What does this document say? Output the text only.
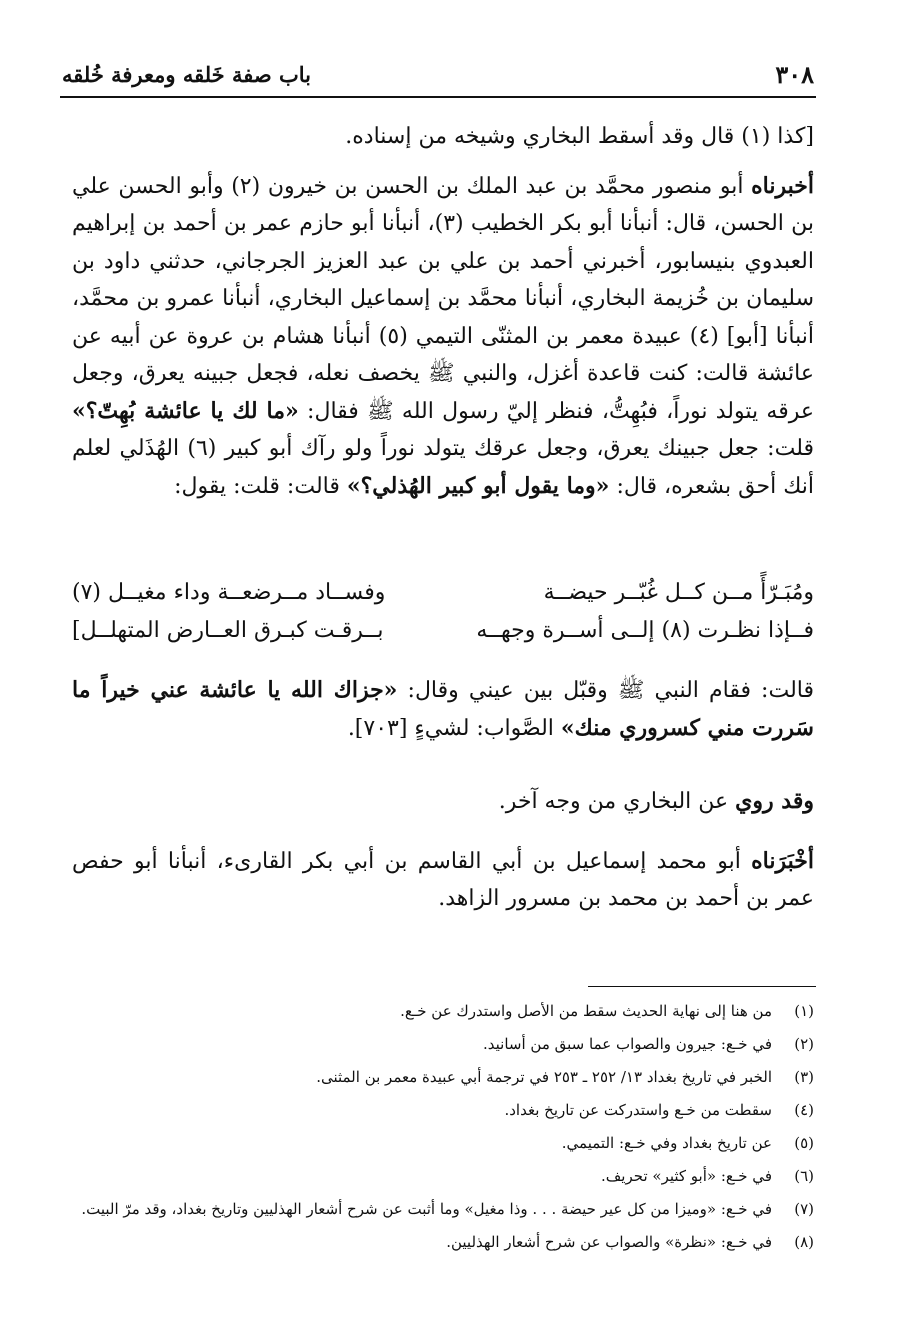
٣٠٨
باب صفة خَلقه ومعرفة خُلقه

[كذا (١) قال وقد أسقط البخاري وشيخه من إسناده.

أخبرناه أبو منصور محمَّد بن عبد الملك بن الحسن بن خيرون (٢) وأبو الحسن علي بن الحسن، قال: أنبأنا أبو بكر الخطيب (٣)، أنبأنا أبو حازم عمر بن أحمد بن إبراهيم العبدوي بنيسابور، أخبرني أحمد بن علي بن عبد العزيز الجرجاني، حدثني داود بن سليمان بن خُزيمة البخاري، أنبأنا محمَّد بن إسماعيل البخاري، أنبأنا عمرو بن محمَّد، أنبأنا [أبو] (٤) عبيدة معمر بن المثنّى التيمي (٥) أنبأنا هشام بن عروة عن أبيه عن عائشة قالت: كنت قاعدة أغزل، والنبي ﷺ يخصف نعله، فجعل جبينه يعرق، وجعل عرقه يتولد نوراً، فبُهِتُّ، فنظر إليّ رسول الله ﷺ فقال: «ما لك يا عائشة بُهِتّ؟» قلت: جعل جبينك يعرق، وجعل عرقك يتولد نوراً ولو رآك أبو كبير (٦) الهُذَلي لعلم أنك أحق بشعره، قال: «وما يقول أبو كبير الهُذلي؟» قالت: قلت: يقول:

ومُبَـرّأً مــن كــل غُبّــر حيضــة
وفســاد مــرضعــة وداء مغيــل (٧)
فــإذا نظـرت (٨) إلــى أســرة وجهــه
بــرقـت كبـرق العــارض المتهلــل]

قالت: فقام النبي ﷺ وقبّل بين عيني وقال: «جزاك الله يا عائشة عني خيراً ما سَررت مني كسروري منك» الصَّواب: لشيءٍ [٧٠٣].

وقد روي عن البخاري من وجه آخر.

أخْبَرَناه أبو محمد إسماعيل بن أبي القاسم بن أبي بكر القارىء، أنبأنا أبو حفص عمر بن أحمد بن محمد بن مسرور الزاهد.

(١)
من هنا إلى نهاية الحديث سقط من الأصل واستدرك عن خـع.
(٢)
في خـع: جيرون والصواب عما سبق من أسانيد.
(٣)
الخبر في تاريخ بغداد ١٣/ ٢٥٢ ـ ٢٥٣ في ترجمة أبي عبيدة معمر بن المثنى.
(٤)
سقطت من خـع واستدركت عن تاريخ بغداد.
(٥)
عن تاريخ بغداد وفي خـع: التميمي.
(٦)
في خـع: «أبو كثير» تحريف.
(٧)
في خـع: «وميزا من كل عير حيضة . . . وذا مغيل» وما أثبت عن شرح أشعار الهذليين وتاريخ بغداد، وقد مرّ البيت.
(٨)
في خـع: «نظرة» والصواب عن شرح أشعار الهذليين.
